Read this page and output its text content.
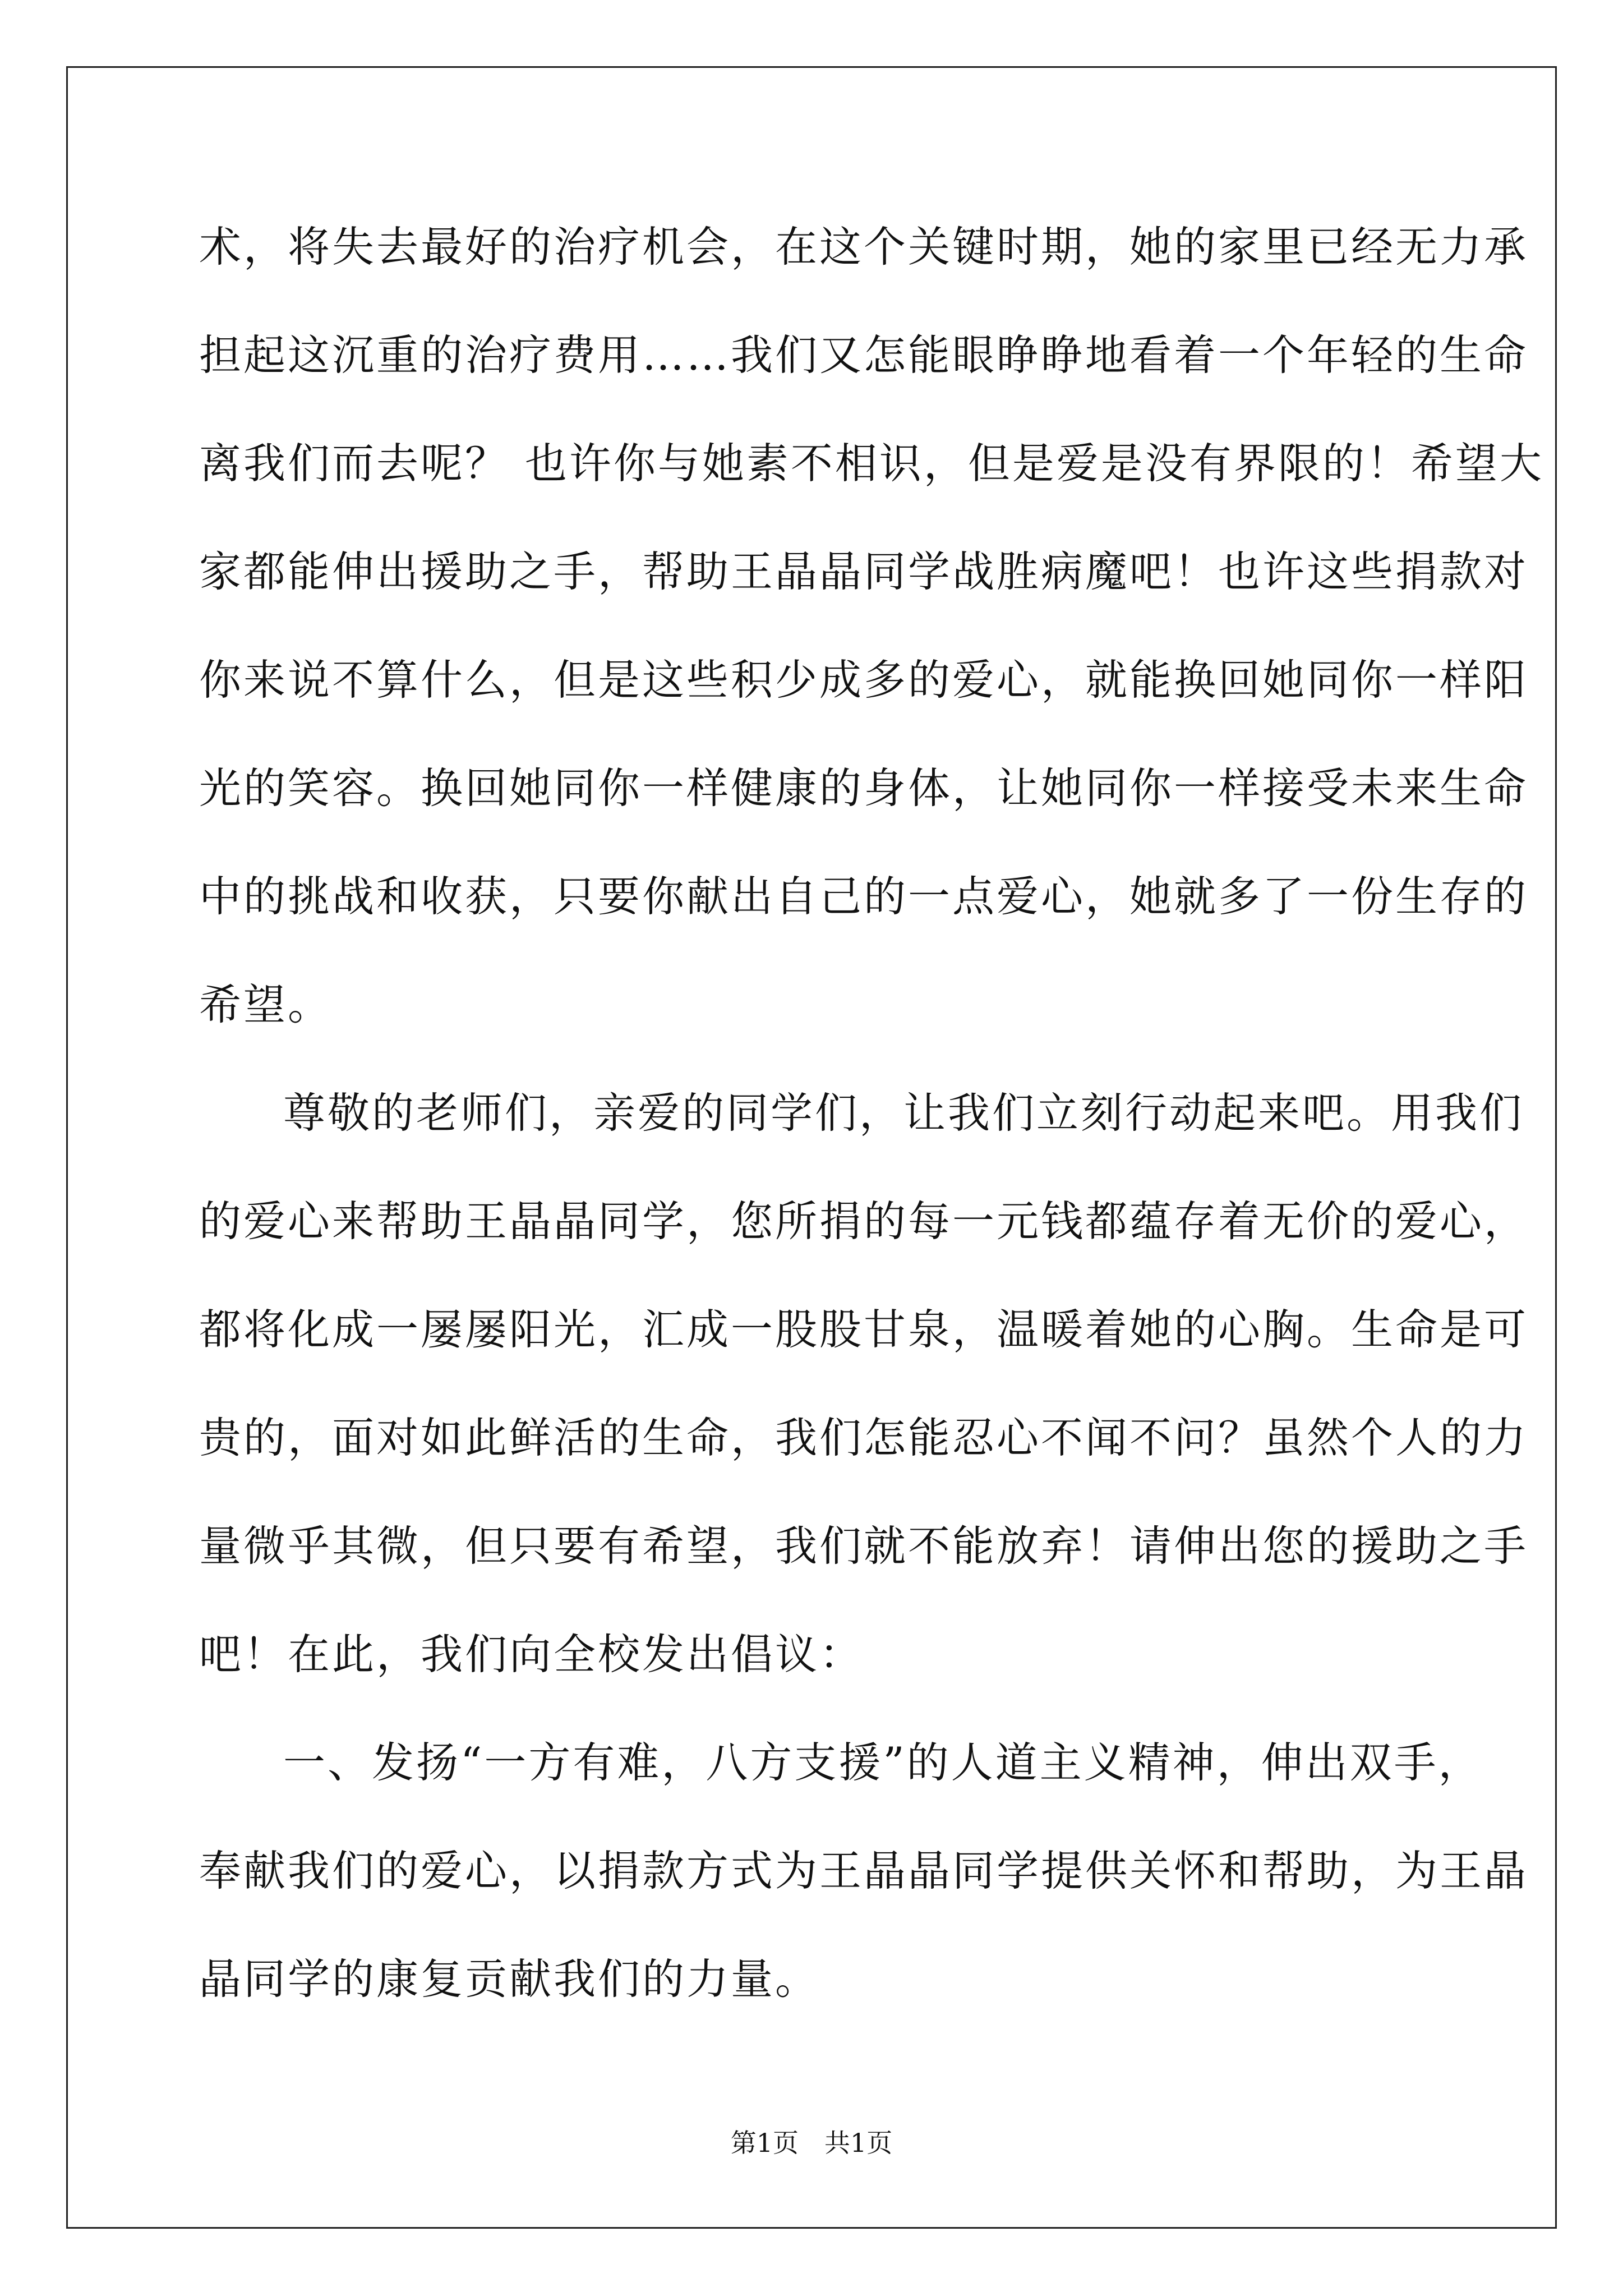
术，将失去最好的治疗机会，在这个关键时期，她的家里已经无力承
担起这沉重的治疗费用……我们又怎能眼睁睁地看着一个年轻的生命
离我们而去呢？ 也许你与她素不相识，但是爱是没有界限的！希望大
家都能伸出援助之手，帮助王晶晶同学战胜病魔吧！也许这些捐款对
你来说不算什么，但是这些积少成多的爱心，就能换回她同你一样阳
光的笑容。换回她同你一样健康的身体，让她同你一样接受未来生命
中的挑战和收获，只要你献出自己的一点爱心，她就多了一份生存的
希望。
尊敬的老师们，亲爱的同学们，让我们立刻行动起来吧。用我们
的爱心来帮助王晶晶同学，您所捐的每一元钱都蕴存着无价的爱心，
都将化成一屡屡阳光，汇成一股股甘泉，温暖着她的心胸。生命是可
贵的，面对如此鲜活的生命，我们怎能忍心不闻不问？虽然个人的力
量微乎其微，但只要有希望，我们就不能放弃！请伸出您的援助之手
吧！在此，我们向全校发出倡议：
一、发扬“一方有难，八方支援”的人道主义精神，伸出双手，
奉献我们的爱心，以捐款方式为王晶晶同学提供关怀和帮助，为王晶
晶同学的康复贡献我们的力量。
第1页　共1页
